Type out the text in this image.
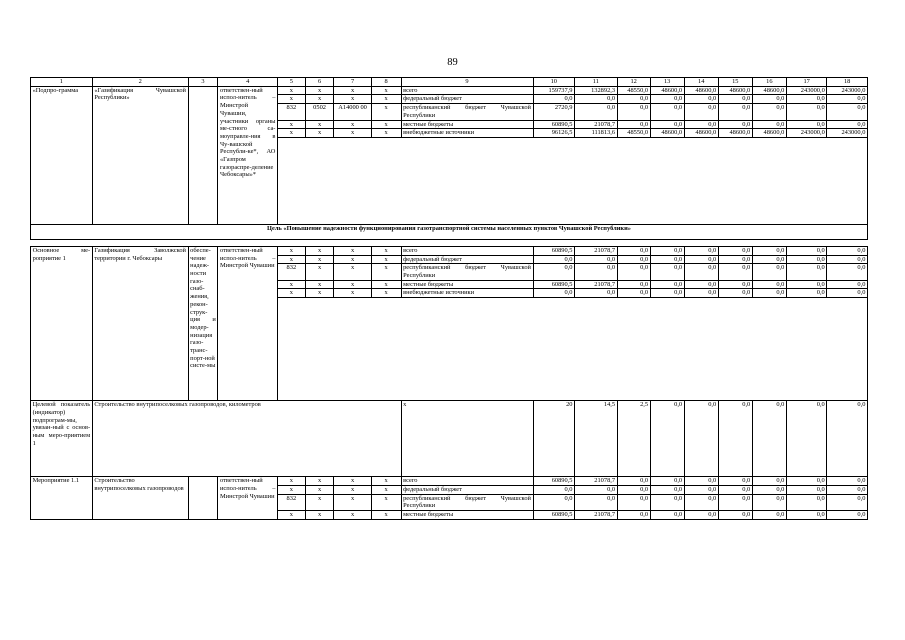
89
1	2	3	4	5	6	7	8	9	10	11	12	13	14	15	16	17	18
«Подпро-грамма	«Газификация Чувашской Республики»		ответствен-ный испол-нитель – Минстрой Чувашии, участники органы ме-стного са-моуправле-ния в Чу-вашской Республи-ке*, АО «Газпром газораспре-деление Чебоксары»*	x	x	x	x	всего	159737,9	132892,3	48550,0	48600,0	48600,0	48600,0	48600,0	243000,0	243000,0
				x	x	x	x	федеральный бюджет	0,0	0,0	0,0	0,0	0,0	0,0	0,0	0,0	0,0
				832	0502	А14000 00	x	республиканский бюджет Чувашской Республики	2720,9	0,0	0,0	0,0	0,0	0,0	0,0	0,0	0,0
				x	x	x	x	местные бюджеты	60890,5	21078,7	0,0	0,0	0,0	0,0	0,0	0,0	0,0
				x	x	x	x	внебюджетные источники	96126,5	111813,6	48550,0	48600,0	48600,0	48600,0	48600,0	243000,0	243000,0

Цель «Повышение надежности функционирования газотранспортной системы населенных пунктов Чувашской Республики»																	

Основное ме-роприятие 1	Газификация Заволжской территории г. Чебоксары	обеспе-чение надеж-ности газо-снаб-жения, рекон-струк-ция и модер-низация газо-транс-порт-ной систе-мы	ответствен-ный испол-нитель – Минстрой Чувашии	x	x	x	x	всего	60890,5	21078,7	0,0	0,0	0,0	0,0	0,0	0,0	0,0
				x	x	x	x	федеральный бюджет	0,0	0,0	0,0	0,0	0,0	0,0	0,0	0,0	0,0
				832	x	x	x	республиканский бюджет Чувашской Республики	0,0	0,0	0,0	0,0	0,0	0,0	0,0	0,0	0,0
				x	x	x	x	местные бюджеты	60890,5	21078,7	0,0	0,0	0,0	0,0	0,0	0,0	0,0
				x	x	x	x	внебюджетные источники	0,0	0,0	0,0	0,0	0,0	0,0	0,0	0,0	0,0

Целевой показатель (индикатор) подпрограм-мы, увязан-ный с основ-ным меро-приятием 1	Строительство внутрипоселковых газопроводов, километров							x	20	14,5	2,5	0,0	0,0	0,0	0,0	0,0	0,0
Мероприятие 1.1	Строительство внутрипоселковых газопроводов		ответствен-ный испол-нитель – Минстрой Чувашии	x	x	x	x	всего	60890,5	21078,7	0,0	0,0	0,0	0,0	0,0	0,0	0,0
				x	x	x	x	федеральный бюджет	0,0	0,0	0,0	0,0	0,0	0,0	0,0	0,0	0,0
				832	x	x	x	республиканский бюджет Чувашской Республики	0,0	0,0	0,0	0,0	0,0	0,0	0,0	0,0	0,0
				x	x	x	x	местные бюджеты	60890,5	21078,7	0,0	0,0	0,0	0,0	0,0	0,0	0,0
